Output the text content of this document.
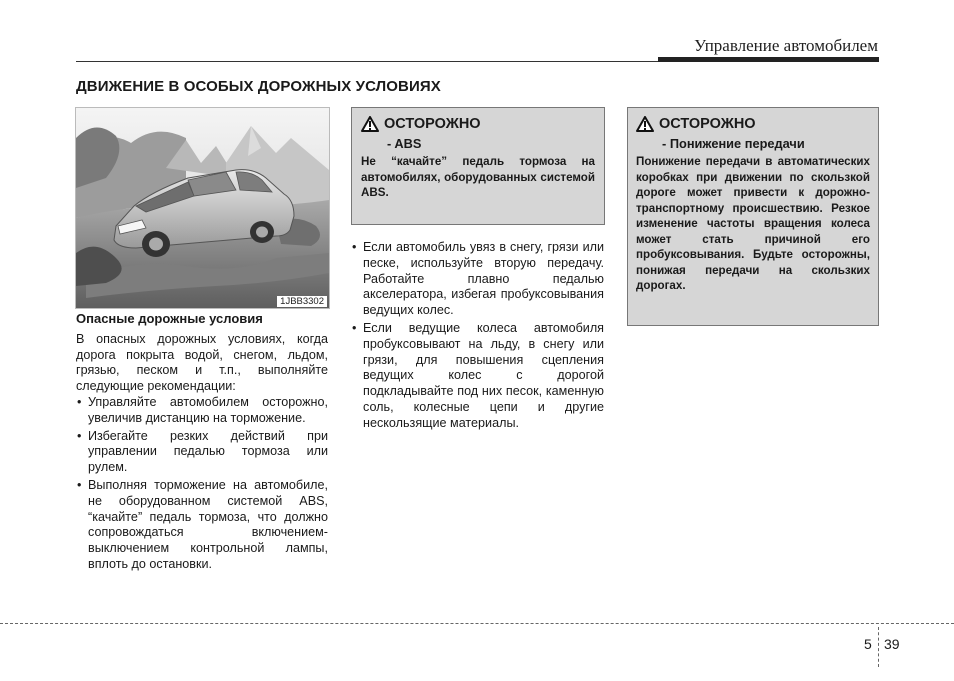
Управление автомобилем
ДВИЖЕНИЕ В ОСОБЫХ ДОРОЖНЫХ УСЛОВИЯХ
1JBB3302
Опасные дорожные условия

В опасных дорожных условиях, когда дорога покрыта водой, снегом, льдом, грязью, песком и т.п., выполняйте следующие рекомендации:

• Управляйте автомобилем осторожно, увеличив дистанцию на торможение.
• Избегайте резких действий при управлении педалью тормоза или рулем.
• Выполняя торможение на автомобиле, не оборудованном системой ABS, “качайте” педаль тормоза, что должно сопровождаться включением-выключением контрольной лампы, вплоть до остановки.
ОСТОРОЖНО
- ABS

Не “качайте” педаль тормоза на автомобилях, оборудованных системой ABS.

• Если автомобиль увяз в снегу, грязи или песке, используйте вторую передачу. Работайте плавно педалью акселератора, избегая пробуксовывания ведущих колес.
• Если ведущие колеса автомобиля пробуксовывают на льду, в снегу или грязи, для повышения сцепления ведущих колес с дорогой подкладывайте под них песок, каменную соль, колесные цепи и другие нескользящие материалы.
ОСТОРОЖНО
- Понижение передачи

Понижение передачи в автоматических коробках при движении по скользкой дороге может привести к дорожно-транспортному происшествию. Резкое изменение частоты вращения колеса может стать причиной его пробуксовывания. Будьте осторожны, понижая передачи на скользких дорогах.

5 39
